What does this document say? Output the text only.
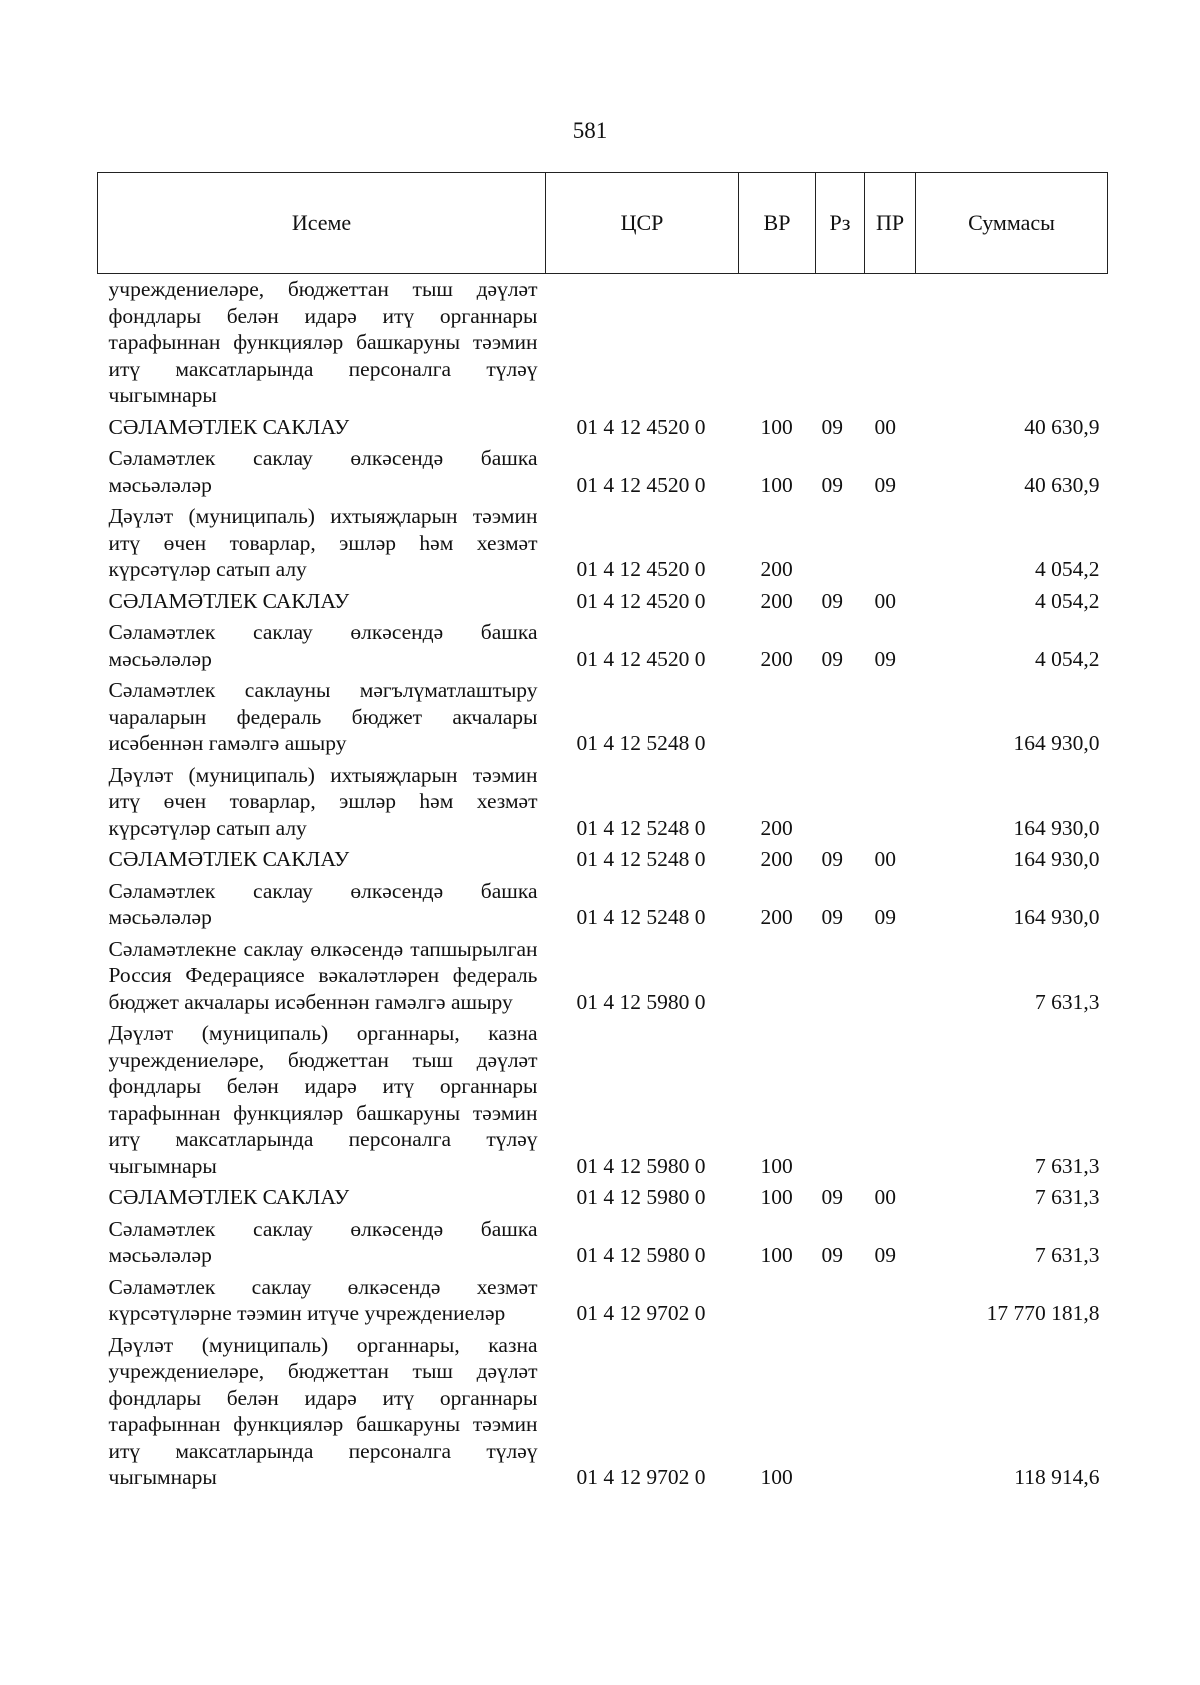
581
Исеме	ЦСР	ВР	Рз	ПР	Суммасы
учреждениеләре, бюджеттан тыш дәүләт фондлары белән идарә итү органнары тарафыннан функцияләр башкаруны тәэмин итү максатларында персоналга түләү чыгымнары					
СӘЛАМӘТЛЕК САКЛАУ	01 4 12 4520 0	100	09	00	40 630,9
Сәламәтлек саклау өлкәсендә башка мәсьәләләр	01 4 12 4520 0	100	09	09	40 630,9
Дәүләт (муниципаль) ихтыяҗларын тәэмин итү өчен товарлар, эшләр һәм хезмәт күрсәтүләр сатып алу	01 4 12 4520 0	200			4 054,2
СӘЛАМӘТЛЕК САКЛАУ	01 4 12 4520 0	200	09	00	4 054,2
Сәламәтлек саклау өлкәсендә башка мәсьәләләр	01 4 12 4520 0	200	09	09	4 054,2
Сәламәтлек саклауны мәгълүматлаштыру чараларын федераль бюджет акчалары исәбеннән гамәлгә ашыру	01 4 12 5248 0				164 930,0
Дәүләт (муниципаль) ихтыяҗларын тәэмин итү өчен товарлар, эшләр һәм хезмәт күрсәтүләр сатып алу	01 4 12 5248 0	200			164 930,0
СӘЛАМӘТЛЕК САКЛАУ	01 4 12 5248 0	200	09	00	164 930,0
Сәламәтлек саклау өлкәсендә башка мәсьәләләр	01 4 12 5248 0	200	09	09	164 930,0
Сәламәтлекне саклау өлкәсендә тапшырылган Россия Федерациясе вәкаләтләрен федераль бюджет акчалары исәбеннән гамәлгә ашыру	01 4 12 5980 0				7 631,3
Дәүләт (муниципаль) органнары, казна учреждениеләре, бюджеттан тыш дәүләт фондлары белән идарә итү органнары тарафыннан функцияләр башкаруны тәэмин итү максатларында персоналга түләү чыгымнары	01 4 12 5980 0	100			7 631,3
СӘЛАМӘТЛЕК САКЛАУ	01 4 12 5980 0	100	09	00	7 631,3
Сәламәтлек саклау өлкәсендә башка мәсьәләләр	01 4 12 5980 0	100	09	09	7 631,3
Сәламәтлек саклау өлкәсендә хезмәт күрсәтүләрне тәэмин итүче учреждениеләр	01 4 12 9702 0				17 770 181,8
Дәүләт (муниципаль) органнары, казна учреждениеләре, бюджеттан тыш дәүләт фондлары белән идарә итү органнары тарафыннан функцияләр башкаруны тәэмин итү максатларында персоналга түләү чыгымнары	01 4 12 9702 0	100			118 914,6
